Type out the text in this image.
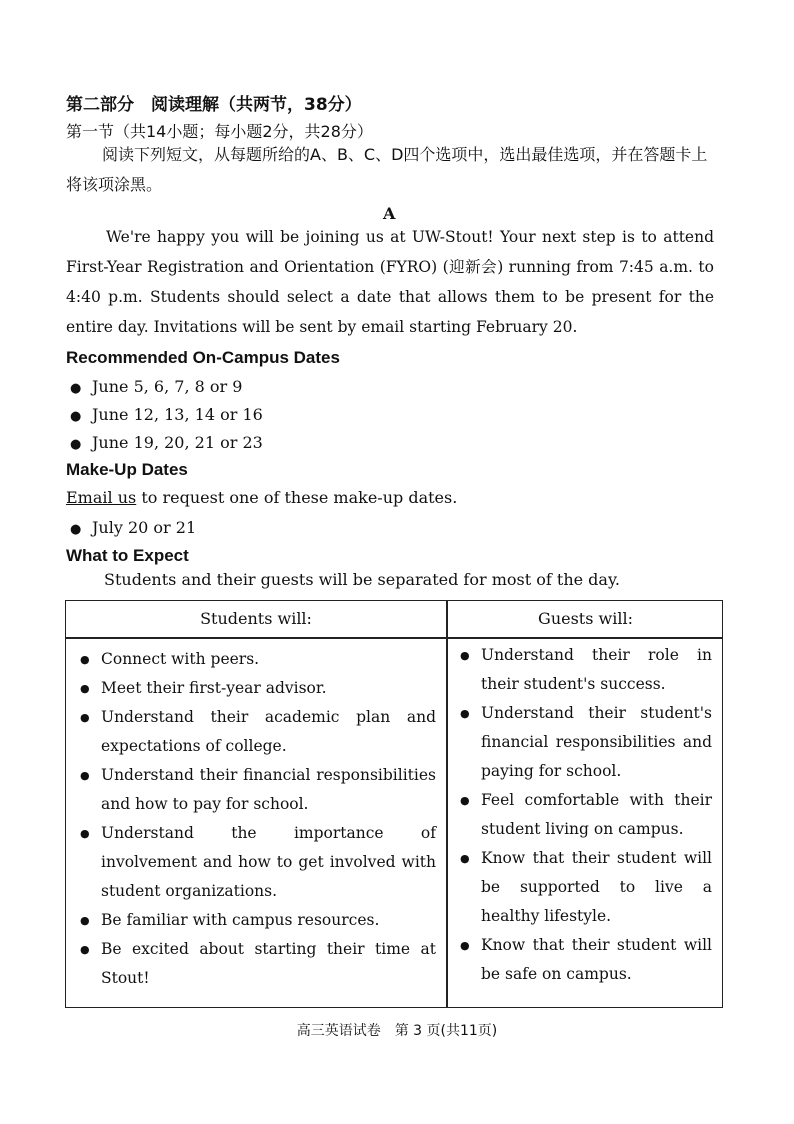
第二部分　阅读理解（共两节，38分）
第一节（共14小题；每小题2分，共28分）

阅读下列短文，从每题所给的A、B、C、D四个选项中，选出最佳选项，并在答题卡上将该项涂黑。

A

We're happy you will be joining us at UW-Stout! Your next step is to attend First-Year Registration and Orientation (FYRO) (迎新会) running from 7:45 a.m. to 4:40 p.m. Students should select a date that allows them to be present for the entire day. Invitations will be sent by email starting February 20.

Recommended On-Campus Dates
● June 5, 6, 7, 8 or 9
● June 12, 13, 14 or 16
● June 19, 20, 21 or 23
Make-Up Dates
Email us to request one of these make-up dates.
● July 20 or 21
What to Expect
Students and their guests will be separated for most of the day.
Students will:	Guests will:
● Connect with peers.
● Meet their first-year advisor.
● Understand their academic plan and expectations of college.
● Understand their financial responsibilities and how to pay for school.
● Understand the importance of involvement and how to get involved with student organizations.
● Be familiar with campus resources.
● Be excited about starting their time at Stout!
● Understand their role in their student's success.
● Understand their student's financial responsibilities and paying for school.
● Feel comfortable with their student living on campus.
● Know that their student will be supported to live a healthy lifestyle.
● Know that their student will be safe on campus.
高三英语试卷　第 3 页(共11页)
